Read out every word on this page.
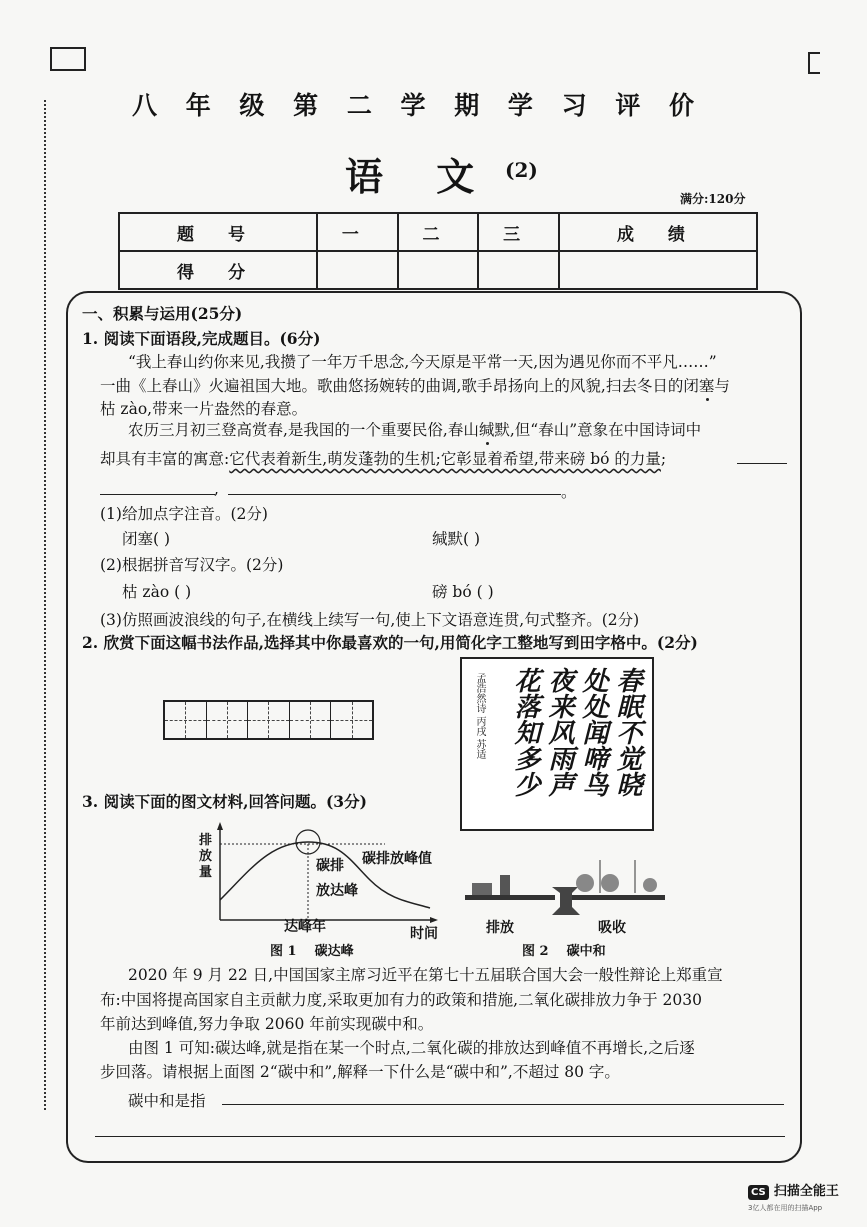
八 年 级 第 二 学 期 学 习 评 价
语 文 (2)
满分:120分
题 号	一	二	三	成 绩
得 分				
一、积累与运用(25分)
1. 阅读下面语段,完成题目。(6分)
“我上春山约你来见,我攒了一年万千思念,今天原是平常一天,因为遇见你而不平凡……”
一曲《上春山》火遍祖国大地。歌曲悠扬婉转的曲调,歌手昂扬向上的风貌,扫去冬日的闭塞与
枯 zào,带来一片盎然的春意。
农历三月初三登高赏春,是我国的一个重要民俗,春山缄默,但“春山”意象在中国诗词中
却具有丰富的寓意:它代表着新生,萌发蓬勃的生机;它彰显着希望,带来磅 bó 的力量;
,	。
(1)给加点字注音。(2分)
闭塞( )	缄默( )
(2)根据拼音写汉字。(2分)
枯 zào ( )	磅 bó ( )
(3)仿照画波浪线的句子,在横线上续写一句,使上下文语意连贯,句式整齐。(2分)
2. 欣赏下面这幅书法作品,选择其中你最喜欢的一句,用简化字工整地写到田字格中。(2分)
春眠不觉晓
处处闻啼鸟
夜来风雨声
花落知多少
孟浩然诗 丙戌 苏适
3. 阅读下面的图文材料,回答问题。(3分)
排放量	碳排
放达峰
碳排放峰值
达峰年	时间
图 1    碳达峰
排放	吸收
图 2    碳中和
2020 年 9 月 22 日,中国国家主席习近平在第七十五届联合国大会一般性辩论上郑重宣
布:中国将提高国家自主贡献力度,采取更加有力的政策和措施,二氧化碳排放力争于 2030
年前达到峰值,努力争取 2060 年前实现碳中和。
由图 1 可知:碳达峰,就是指在某一个时点,二氧化碳的排放达到峰值不再增长,之后逐
步回落。请根据上面图 2“碳中和”,解释一下什么是“碳中和”,不超过 80 字。
碳中和是指
CS 扫描全能王
3亿人都在用的扫描App
